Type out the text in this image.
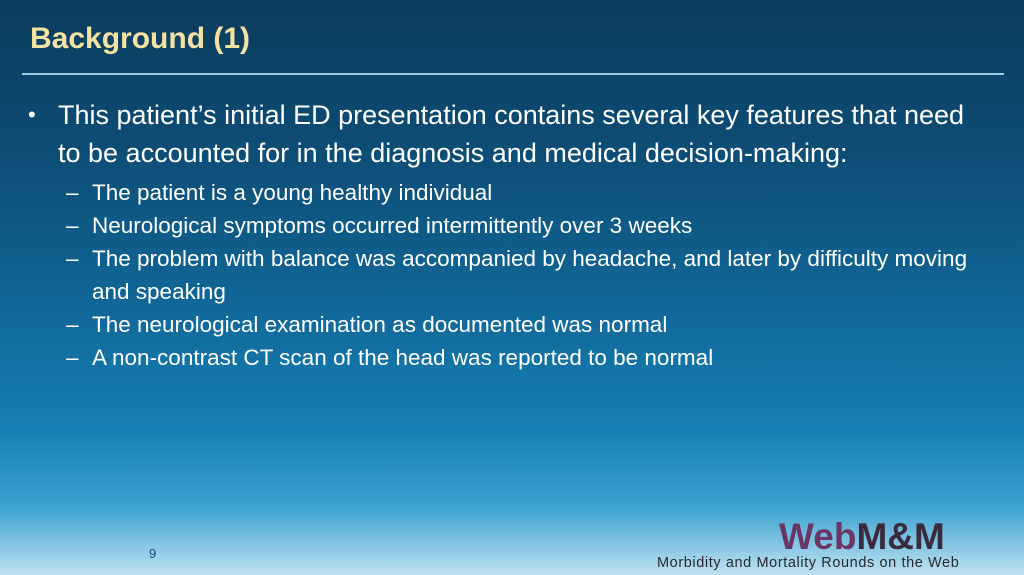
Background (1)
• This patient’s initial ED presentation contains several key features that need to be accounted for in the diagnosis and medical decision-making:
– The patient is a young healthy individual
– Neurological symptoms occurred intermittently over 3 weeks
– The problem with balance was accompanied by headache, and later by difficulty moving and speaking
– The neurological examination as documented was normal
– A non-contrast CT scan of the head was reported to be normal
9	WebM&M
Morbidity and Mortality Rounds on the Web
